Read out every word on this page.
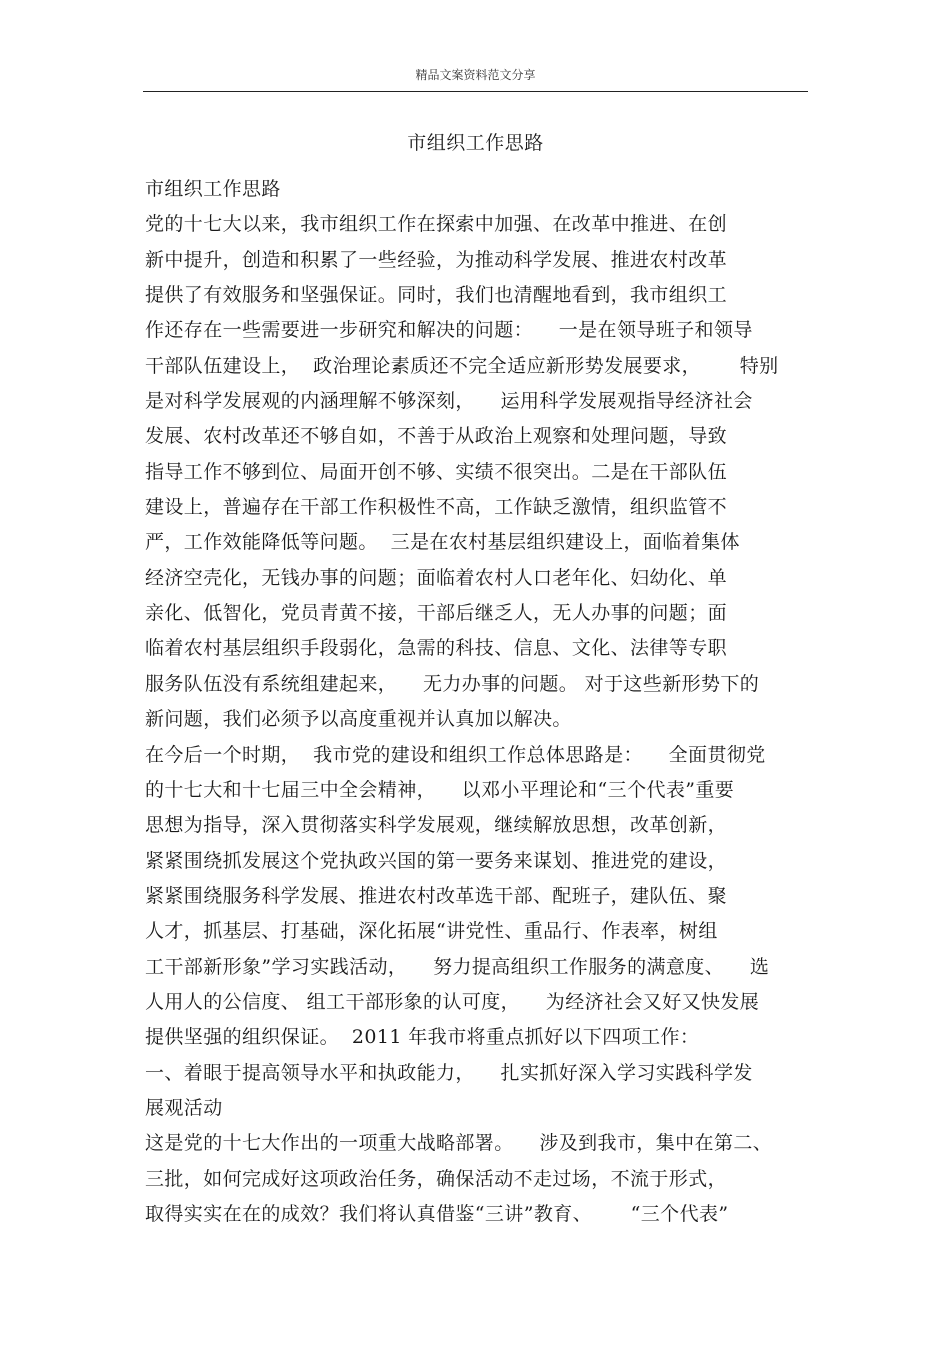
精品文案资料范文分享
市组织工作思路
市组织工作思路
党的十七大以来，我市组织工作在探索中加强、在改革中推进、在创
新中提升，创造和积累了一些经验，为推动科学发展、推进农村改革
提供了有效服务和坚强保证。同时，我们也清醒地看到，我市组织工
作还存在一些需要进一步研究和解决的问题：    一是在领导班子和领导
干部队伍建设上，  政治理论素质还不完全适应新形势发展要求，      特别
是对科学发展观的内涵理解不够深刻，    运用科学发展观指导经济社会
发展、农村改革还不够自如，不善于从政治上观察和处理问题，导致
指导工作不够到位、局面开创不够、实绩不很突出。二是在干部队伍
建设上，普遍存在干部工作积极性不高，工作缺乏激情，组织监管不
严，工作效能降低等问题。  三是在农村基层组织建设上，面临着集体
经济空壳化，无钱办事的问题；面临着农村人口老年化、妇幼化、单
亲化、低智化，党员青黄不接，干部后继乏人，无人办事的问题；面
临着农村基层组织手段弱化，急需的科技、信息、文化、法律等专职
服务队伍没有系统组建起来，    无力办事的问题。 对于这些新形势下的
新问题，我们必须予以高度重视并认真加以解决。
在今后一个时期，  我市党的建设和组织工作总体思路是：    全面贯彻党
的十七大和十七届三中全会精神，    以邓小平理论和“三个代表”重要
思想为指导，深入贯彻落实科学发展观，继续解放思想，改革创新，
紧紧围绕抓发展这个党执政兴国的第一要务来谋划、推进党的建设，
紧紧围绕服务科学发展、推进农村改革选干部、配班子，建队伍、聚
人才，抓基层、打基础，深化拓展“讲党性、重品行、作表率，树组
工干部新形象”学习实践活动，    努力提高组织工作服务的满意度、    选
人用人的公信度、 组工干部形象的认可度，    为经济社会又好又快发展
提供坚强的组织保证。  2011 年我市将重点抓好以下四项工作：
一、着眼于提高领导水平和执政能力，    扎实抓好深入学习实践科学发
展观活动
这是党的十七大作出的一项重大战略部署。    涉及到我市，集中在第二、
三批，如何完成好这项政治任务，确保活动不走过场，不流于形式，
取得实实在在的成效？我们将认真借鉴“三讲”教育、      “三个代表”
